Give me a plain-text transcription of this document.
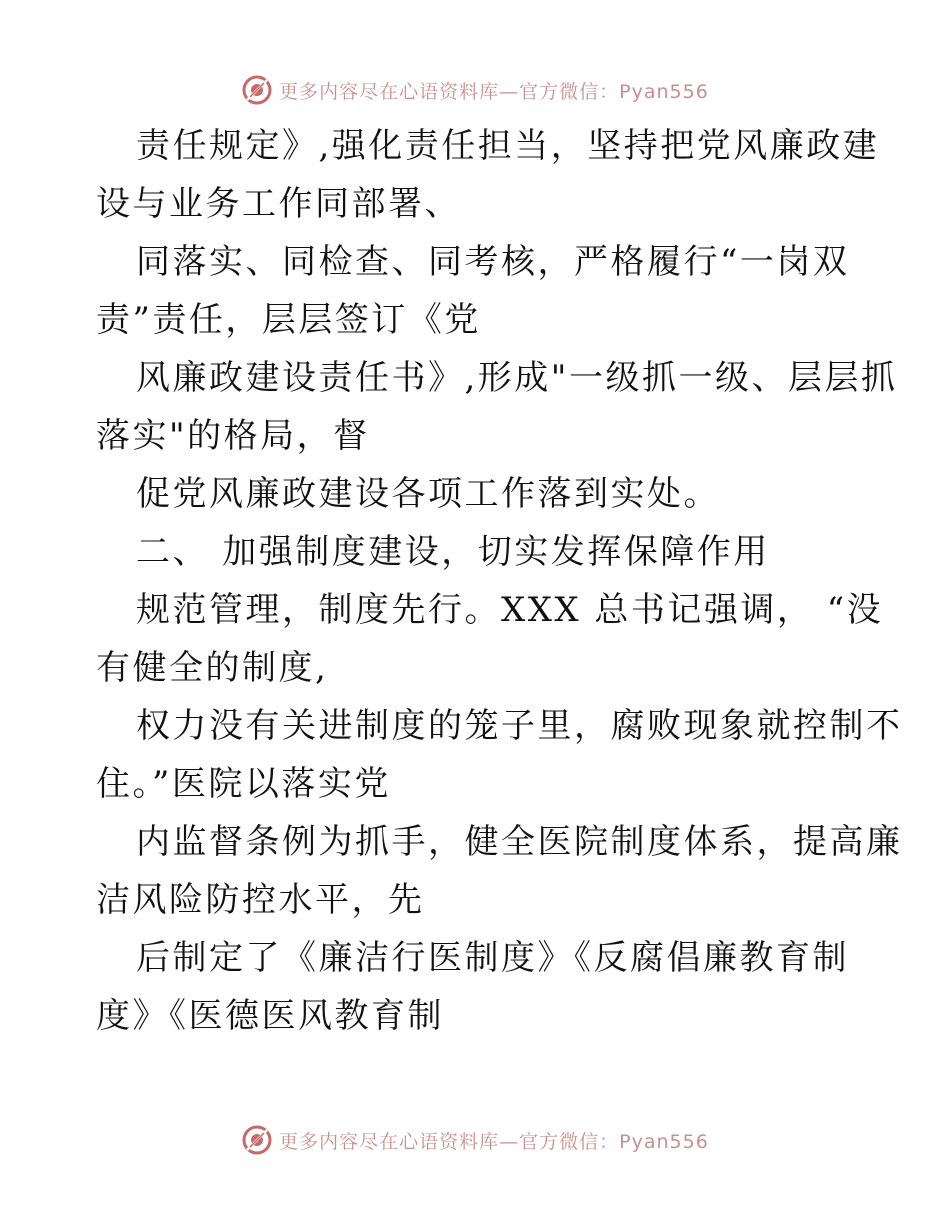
更多内容尽在心语资料库—官方微信：Pyan556
责任规定》,强化责任担当，坚持把党风廉政建
设与业务工作同部署、
同落实、同检查、同考核，严格履行“一岗双
责”责任，层层签订《党
风廉政建设责任书》,形成"一级抓一级、层层抓
落实"的格局，督
促党风廉政建设各项工作落到实处。
二、 加强制度建设，切实发挥保障作用
规范管理，制度先行。XXX 总书记强调， “没
有健全的制度,
权力没有关进制度的笼子里，腐败现象就控制不
住。”医院以落实党
内监督条例为抓手，健全医院制度体系，提高廉
洁风险防控水平，先
后制定了《廉洁行医制度》《反腐倡廉教育制
度》《医德医风教育制
更多内容尽在心语资料库—官方微信：Pyan556
